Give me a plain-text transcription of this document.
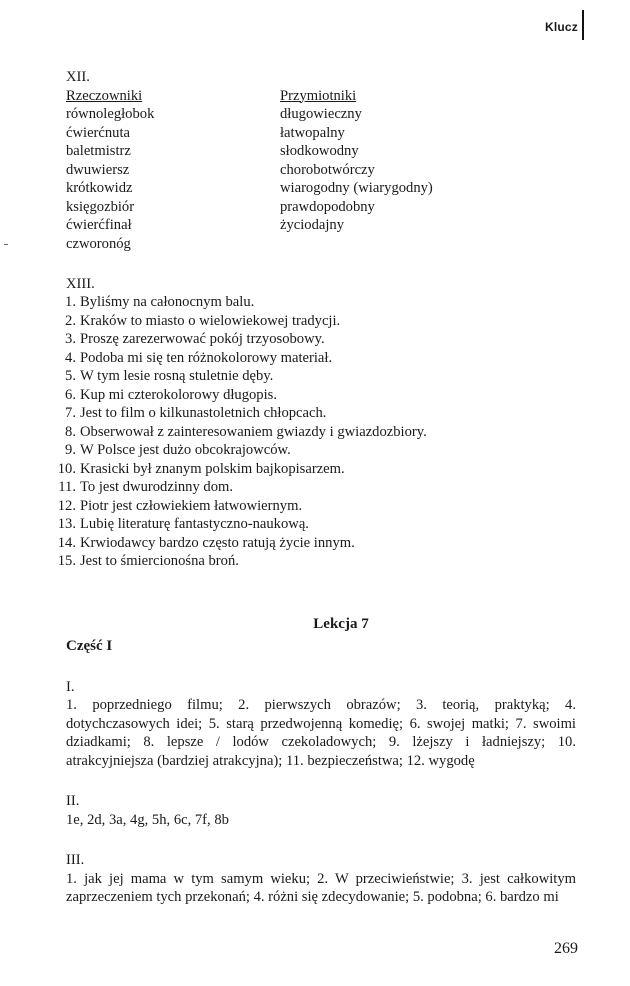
Klucz

XII.

Rzeczowniki
równoległobok
ćwierćnuta
baletmistrz
dwuwiersz
krótkowidz
księgozbiór
ćwierćfinał
czworonóg
Przymiotniki
długowieczny
łatwopalny
słodkowodny
chorobotwórczy
wiarogodny (wiarygodny)
prawdopodobny
życiodajny

XIII.

1. Byliśmy na całonocnym balu.
2. Kraków to miasto o wielowiekowej tradycji.
3. Proszę zarezerwować pokój trzyosobowy.
4. Podoba mi się ten różnokolorowy materiał.
5. W tym lesie rosną stuletnie dęby.
6. Kup mi czterokolorowy długopis.
7. Jest to film o kilkunastoletnich chłopcach.
8. Obserwował z zainteresowaniem gwiazdy i gwiazdozbiory.
9. W Polsce jest dużo obcokrajowców.
10. Krasicki był znanym polskim bajkopisarzem.
11. To jest dwurodzinny dom.
12. Piotr jest człowiekiem łatwowiernym.
13. Lubię literaturę fantastyczno-naukową.
14. Krwiodawcy bardzo często ratują życie innym.
15. Jest to śmiercionośna broń.
Lekcja 7
Część I

I.

1. poprzedniego filmu; 2. pierwszych obrazów; 3. teorią, praktyką; 4. dotychczasowych idei; 5. starą przedwojenną komedię; 6. swojej matki; 7. swoimi dziadkami; 8. lepsze / lodów czekoladowych; 9. lżejszy i ładniejszy; 10. atrakcyjniejsza (bardziej atrakcyjna); 11. bezpieczeństwa; 12. wygodę

II.

1e, 2d, 3a, 4g, 5h, 6c, 7f, 8b

III.

1. jak jej mama w tym samym wieku; 2. W przeciwieństwie; 3. jest całkowitym zaprzeczeniem tych przekonań; 4. różni się zdecydowanie; 5. podobna; 6. bardzo mi

269
